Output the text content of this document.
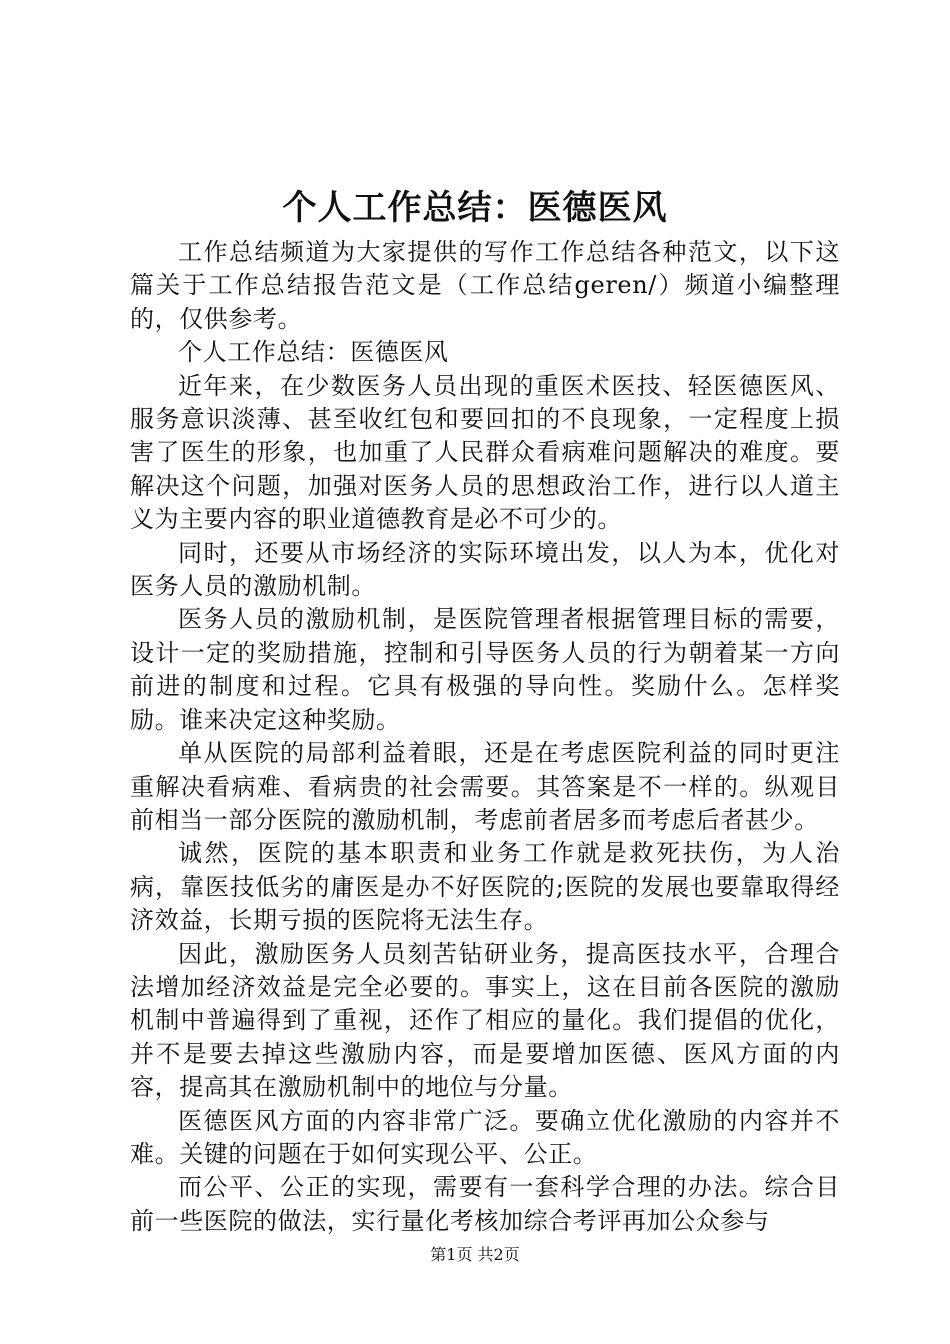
个人工作总结：医德医风

工作总结频道为大家提供的写作工作总结各种范文，以下这篇关于工作总结报告范文是（工作总结geren/）频道小编整理的，仅供参考。

个人工作总结：医德医风

近年来，在少数医务人员出现的重医术医技、轻医德医风、服务意识淡薄、甚至收红包和要回扣的不良现象，一定程度上损害了医生的形象，也加重了人民群众看病难问题解决的难度。要解决这个问题，加强对医务人员的思想政治工作，进行以人道主义为主要内容的职业道德教育是必不可少的。

同时，还要从市场经济的实际环境出发，以人为本，优化对医务人员的激励机制。

医务人员的激励机制，是医院管理者根据管理目标的需要，设计一定的奖励措施，控制和引导医务人员的行为朝着某一方向前进的制度和过程。它具有极强的导向性。奖励什么。怎样奖励。谁来决定这种奖励。

单从医院的局部利益着眼，还是在考虑医院利益的同时更注重解决看病难、看病贵的社会需要。其答案是不一样的。纵观目前相当一部分医院的激励机制，考虑前者居多而考虑后者甚少。

诚然，医院的基本职责和业务工作就是救死扶伤，为人治病，靠医技低劣的庸医是办不好医院的;医院的发展也要靠取得经济效益，长期亏损的医院将无法生存。

因此，激励医务人员刻苦钻研业务，提高医技水平，合理合法增加经济效益是完全必要的。事实上，这在目前各医院的激励机制中普遍得到了重视，还作了相应的量化。我们提倡的优化，并不是要去掉这些激励内容，而是要增加医德、医风方面的内容，提高其在激励机制中的地位与分量。

医德医风方面的内容非常广泛。要确立优化激励的内容并不难。关键的问题在于如何实现公平、公正。

而公平、公正的实现，需要有一套科学合理的办法。综合目前一些医院的做法，实行量化考核加综合考评再加公众参与

第1页 共2页
